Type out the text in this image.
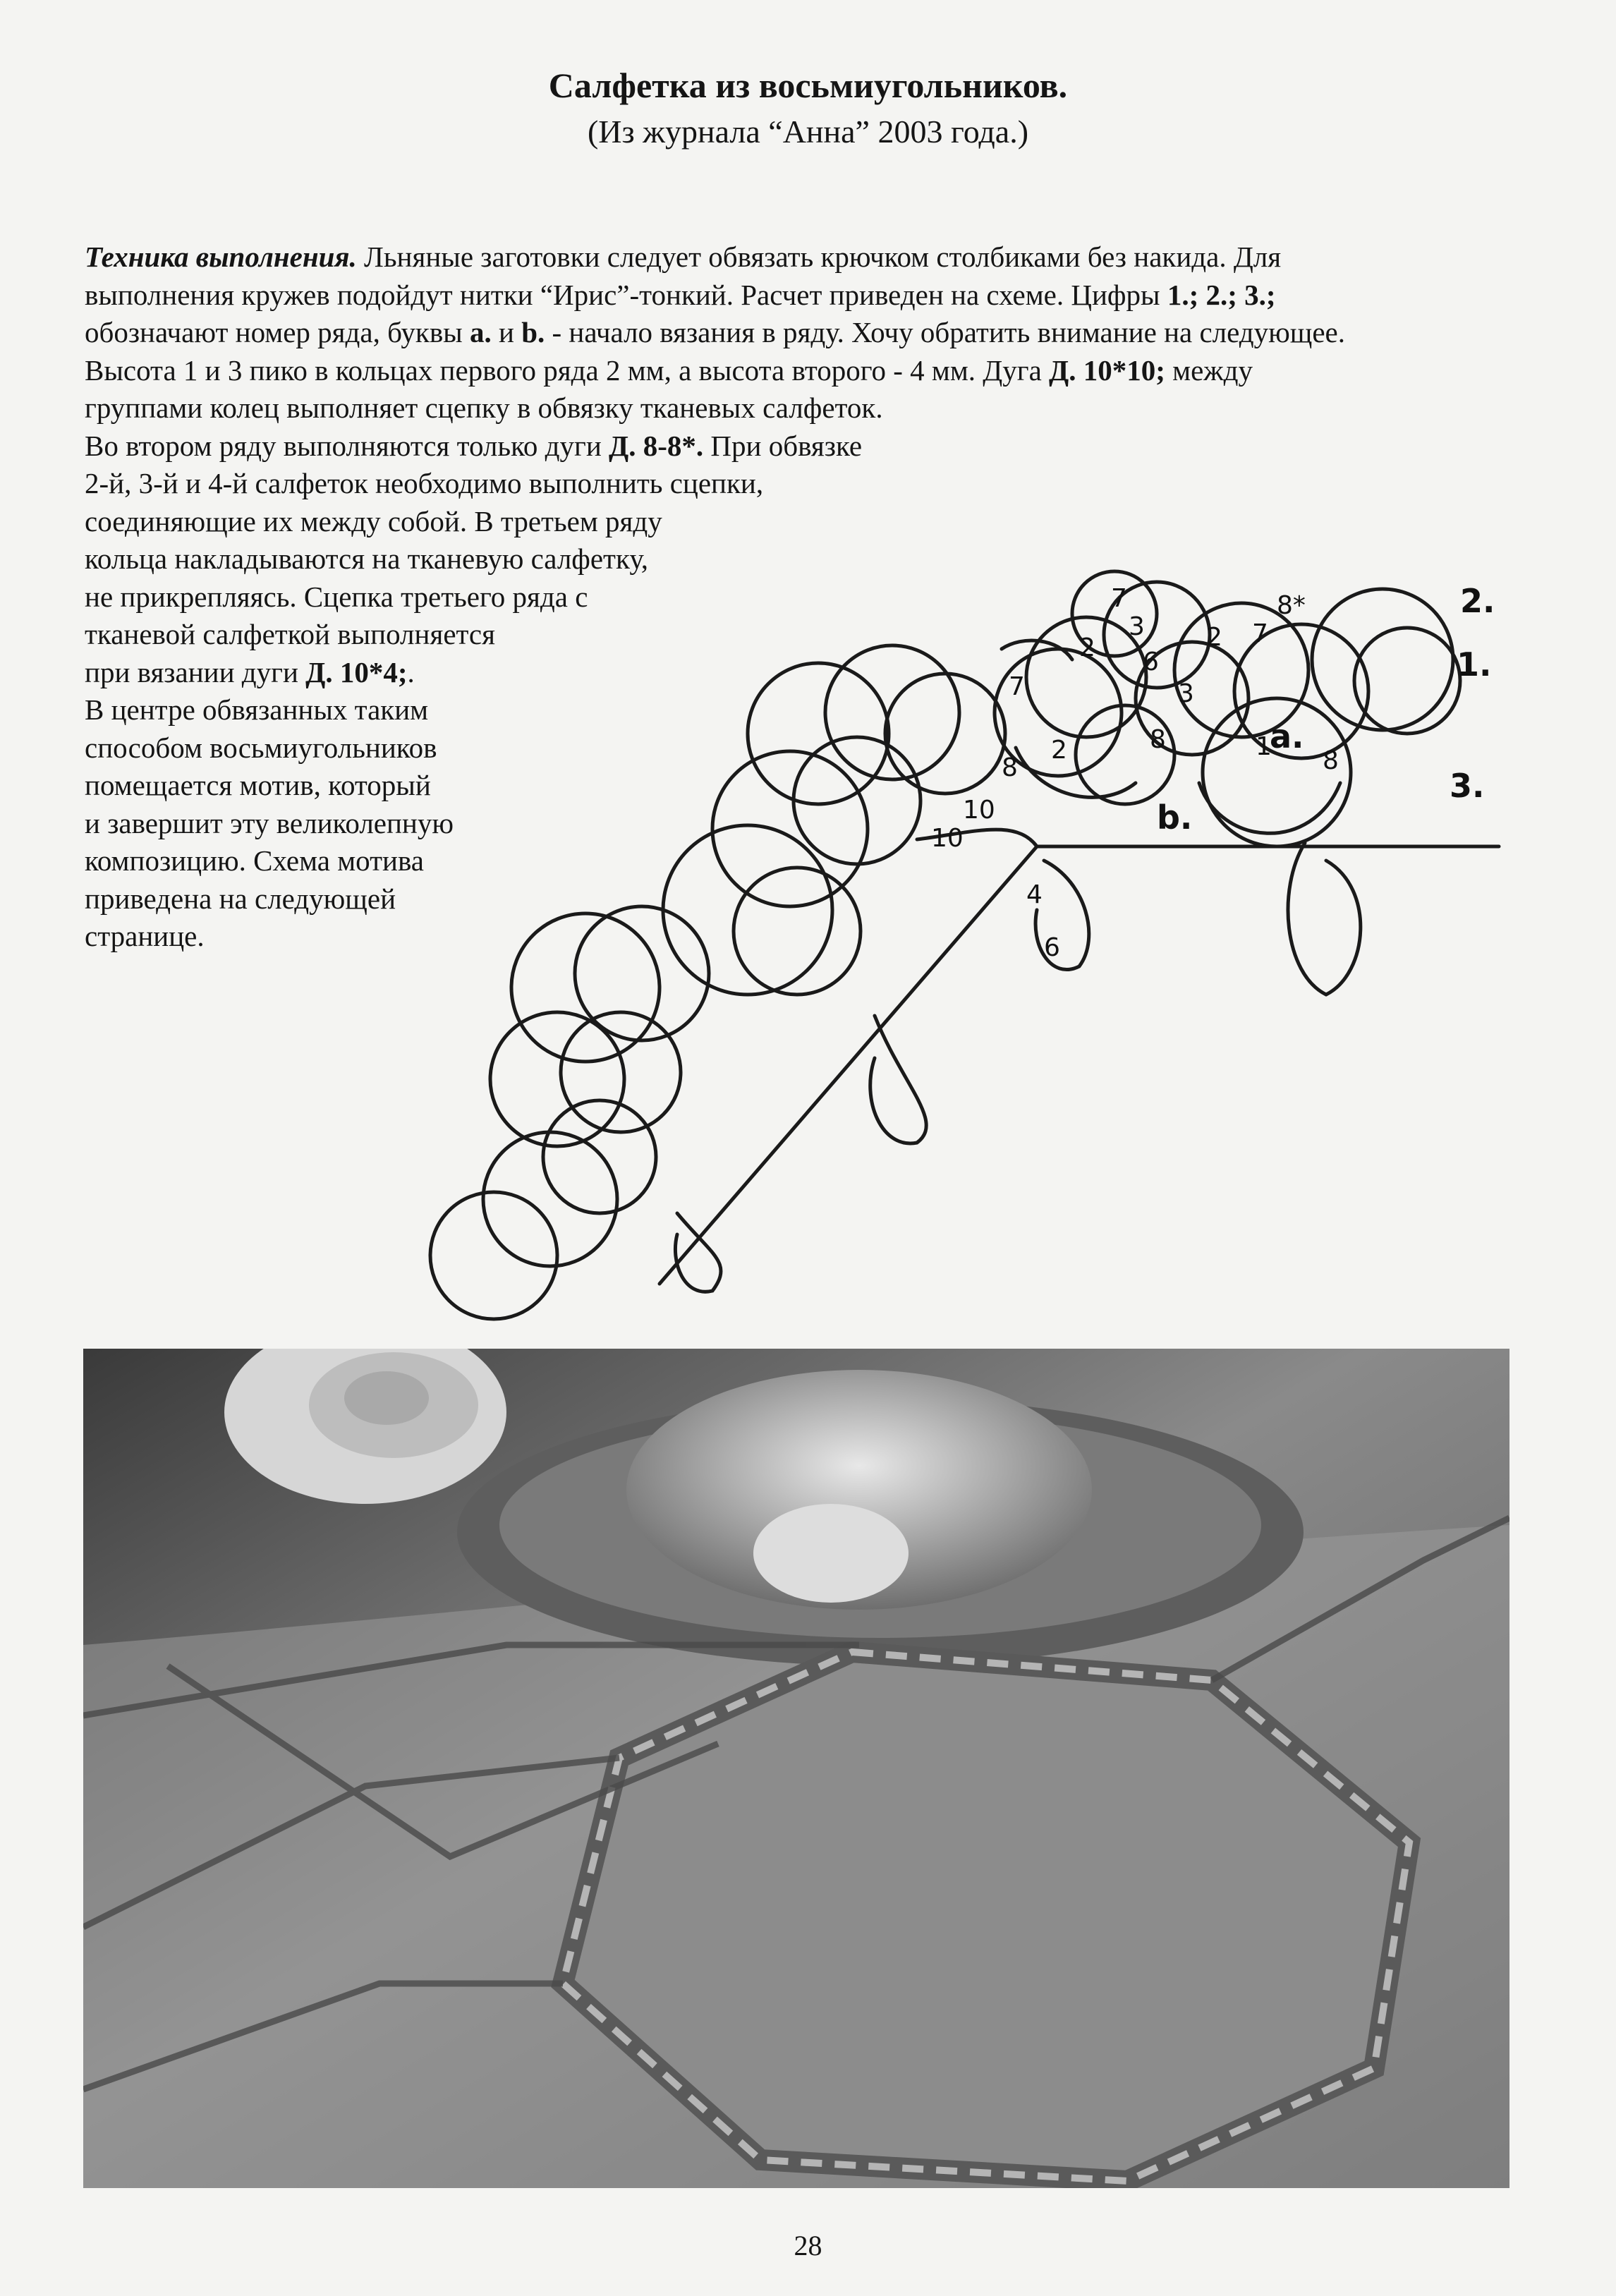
Салфетка из восьмиугольников.

(Из журнала “Анна” 2003 года.)

Техника выполнения. Льняные заготовки следует обвязать крючком столбиками без накида. Для
выполнения кружев подойдут нитки “Ирис”-тонкий. Расчет приведен на схеме. Цифры 1.; 2.; 3.;
обозначают номер ряда, буквы a. и b. - начало вязания в ряду. Хочу обратить внимание на следующее.
Высота 1 и 3 пико в кольцах первого ряда 2 мм, а высота второго - 4 мм. Дуга Д. 10*10; между
группами колец выполняет сцепку в обвязку тканевых салфеток.
Во втором ряду выполняются только дуги Д. 8-8*. При обвязке
2-й, 3-й и 4-й салфеток необходимо выполнить сцепки,
соединяющие их между собой. В третьем ряду
кольца накладываются на тканевую салфетку,
не прикрепляясь. Сцепка третьего ряда с
тканевой салфеткой выполняется
при вязании дуги Д. 10*4;.
В центре обвязанных таким
способом восьмиугольников
помещается мотив, который
и завершит эту великолепную
композицию. Схема мотива
приведена на следующей
странице.
2.
1.
3.
a.
b.
8
8
8
7
7
7
2
2
2	1
3
3
6
6
10
10
4
8*

28
